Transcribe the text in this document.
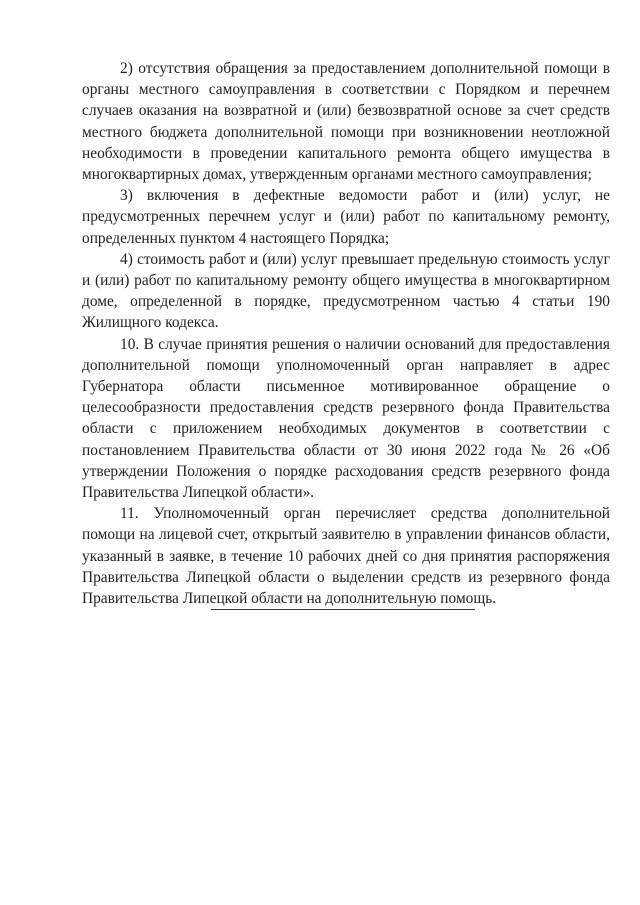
2) отсутствия обращения за предоставлением дополнительной помощи в органы местного самоуправления в соответствии с Порядком и перечнем случаев оказания на возвратной и (или) безвозвратной основе за счет средств местного бюджета дополнительной помощи при возникновении неотложной необходимости в проведении капитального ремонта общего имущества в многоквартирных домах, утвержденным органами местного самоуправления;

3) включения в дефектные ведомости работ и (или) услуг, не предусмотренных перечнем услуг и (или) работ по капитальному ремонту, определенных пунктом 4 настоящего Порядка;

4) стоимость работ и (или) услуг превышает предельную стоимость услуг и (или) работ по капитальному ремонту общего имущества в многоквартирном доме, определенной в порядке, предусмотренном частью 4 статьи 190 Жилищного кодекса.

10. В случае принятия решения о наличии оснований для предоставления дополнительной помощи уполномоченный орган направляет в адрес Губернатора области письменное мотивированное обращение о целесообразности предоставления средств резервного фонда Правительства области с приложением необходимых документов в соответствии с постановлением Правительства области от 30 июня 2022 года № 26 «Об утверждении Положения о порядке расходования средств резервного фонда Правительства Липецкой области».

11. Уполномоченный орган перечисляет средства дополнительной помощи на лицевой счет, открытый заявителю в управлении финансов области, указанный в заявке, в течение 10 рабочих дней со дня принятия распоряжения Правительства Липецкой области о выделении средств из резервного фонда Правительства Липецкой области на дополнительную помощь.
